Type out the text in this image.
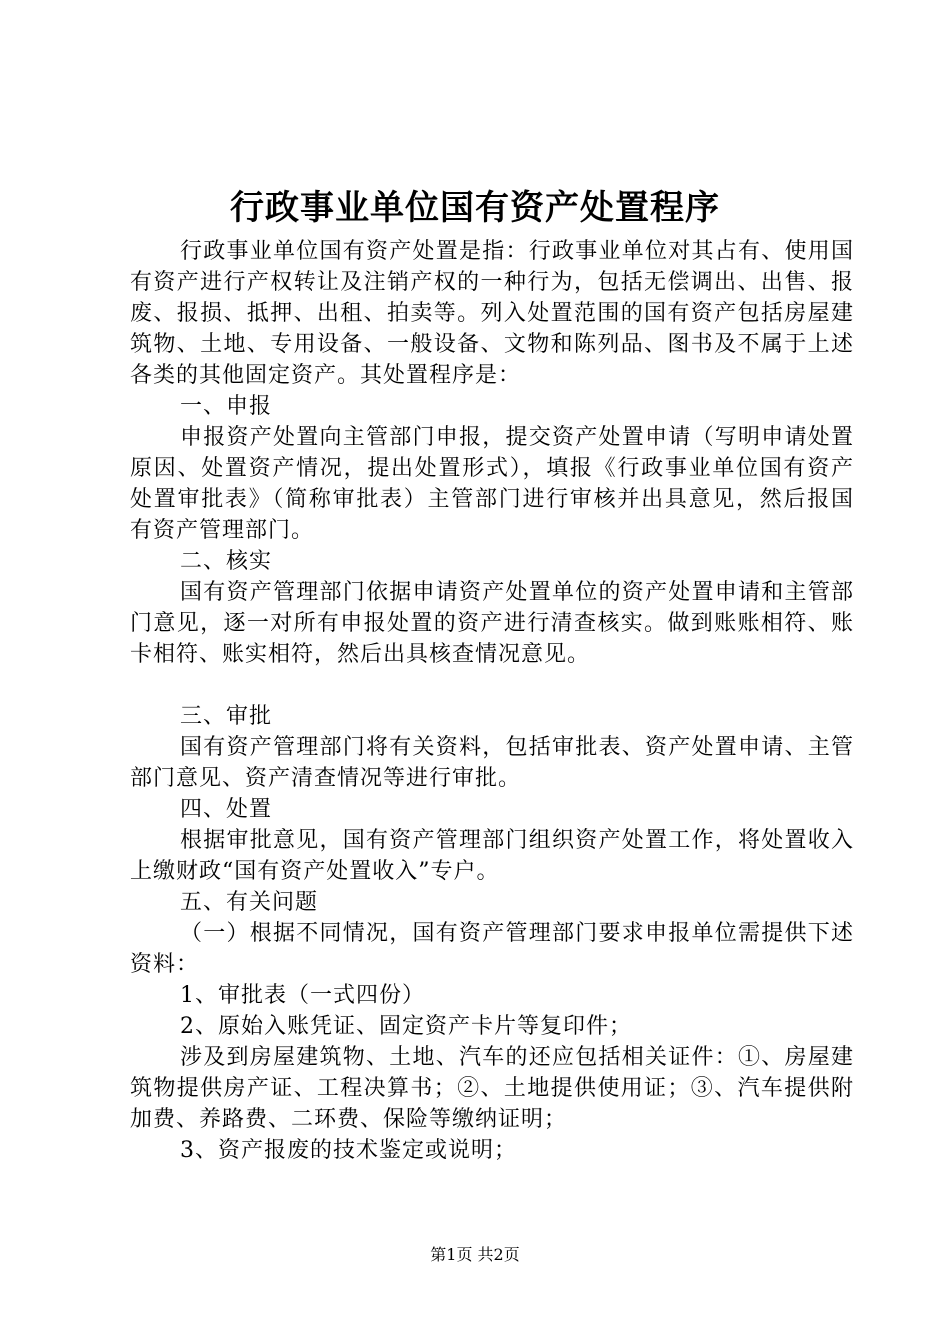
行政事业单位国有资产处置程序

行政事业单位国有资产处置是指：行政事业单位对其占有、使用国有资产进行产权转让及注销产权的一种行为，包括无偿调出、出售、报废、报损、抵押、出租、拍卖等。列入处置范围的国有资产包括房屋建筑物、土地、专用设备、一般设备、文物和陈列品、图书及不属于上述各类的其他固定资产。其处置程序是：

一、申报

申报资产处置向主管部门申报，提交资产处置申请（写明申请处置原因、处置资产情况，提出处置形式），填报《行政事业单位国有资产处置审批表》（简称审批表）主管部门进行审核并出具意见，然后报国有资产管理部门。

二、核实

国有资产管理部门依据申请资产处置单位的资产处置申请和主管部门意见，逐一对所有申报处置的资产进行清查核实。做到账账相符、账卡相符、账实相符，然后出具核查情况意见。

三、审批

国有资产管理部门将有关资料，包括审批表、资产处置申请、主管部门意见、资产清查情况等进行审批。

四、处置

根据审批意见，国有资产管理部门组织资产处置工作，将处置收入上缴财政“国有资产处置收入”专户。

五、有关问题

（一）根据不同情况，国有资产管理部门要求申报单位需提供下述资料：

1、审批表（一式四份）

2、原始入账凭证、固定资产卡片等复印件；

涉及到房屋建筑物、土地、汽车的还应包括相关证件：①、房屋建筑物提供房产证、工程决算书；②、土地提供使用证；③、汽车提供附加费、养路费、二环费、保险等缴纳证明；

3、资产报废的技术鉴定或说明；

第1页 共2页
